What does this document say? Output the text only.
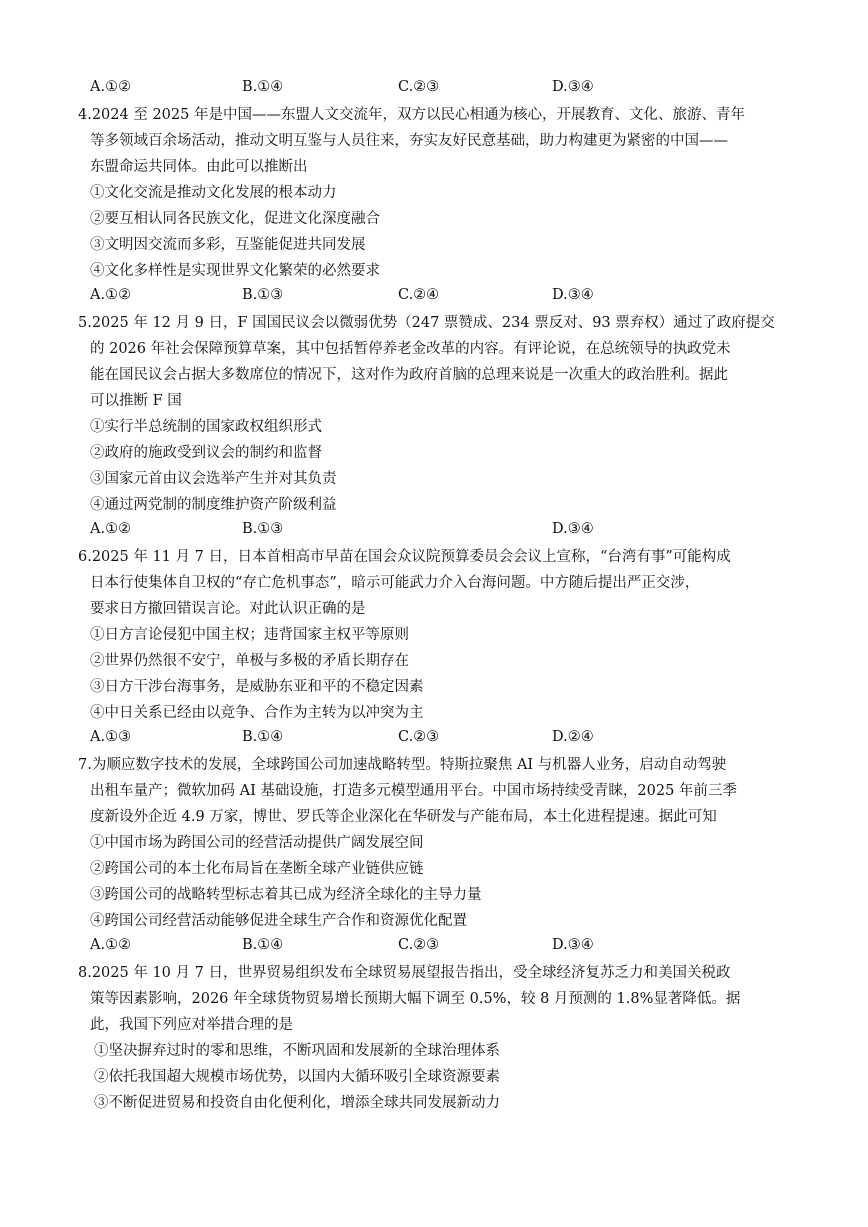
A.①②	B.①④	C.②③	D.③④
4.2024 至 2025 年是中国——东盟人文交流年，双方以民心相通为核心，开展教育、文化、旅游、青年
等多领域百余场活动，推动文明互鉴与人员往来，夯实友好民意基础，助力构建更为紧密的中国——
东盟命运共同体。由此可以推断出
①文化交流是推动文化发展的根本动力
②要互相认同各民族文化，促进文化深度融合
③文明因交流而多彩，互鉴能促进共同发展
④文化多样性是实现世界文化繁荣的必然要求
A.①②	B.①③	C.②④	D.③④
5.2025 年 12 月 9 日，F 国国民议会以微弱优势（247 票赞成、234 票反对、93 票弃权）通过了政府提交
的 2026 年社会保障预算草案，其中包括暂停养老金改革的内容。有评论说，在总统领导的执政党未
能在国民议会占据大多数席位的情况下，这对作为政府首脑的总理来说是一次重大的政治胜利。据此
可以推断 F 国
①实行半总统制的国家政权组织形式
②政府的施政受到议会的制约和监督
③国家元首由议会选举产生并对其负责
④通过两党制的制度维护资产阶级利益
A.①②	B.①③	D.③④
6.2025 年 11 月 7 日，日本首相高市早苗在国会众议院预算委员会会议上宣称，“台湾有事”可能构成
日本行使集体自卫权的“存亡危机事态”，暗示可能武力介入台海问题。中方随后提出严正交涉，
要求日方撤回错误言论。对此认识正确的是
①日方言论侵犯中国主权；违背国家主权平等原则
②世界仍然很不安宁，单极与多极的矛盾长期存在
③日方干涉台海事务，是威胁东亚和平的不稳定因素
④中日关系已经由以竞争、合作为主转为以冲突为主
A.①③	B.①④	C.②③	D.②④
7.为顺应数字技术的发展，全球跨国公司加速战略转型。特斯拉聚焦 AI 与机器人业务，启动自动驾驶
出租车量产；微软加码 AI 基础设施，打造多元模型通用平台。中国市场持续受青睐，2025 年前三季
度新设外企近 4.9 万家，博世、罗氏等企业深化在华研发与产能布局，本土化进程提速。据此可知
①中国市场为跨国公司的经营活动提供广阔发展空间
②跨国公司的本土化布局旨在垄断全球产业链供应链
③跨国公司的战略转型标志着其已成为经济全球化的主导力量
④跨国公司经营活动能够促进全球生产合作和资源优化配置
A.①②	B.①④	C.②③	D.③④
8.2025 年 10 月 7 日，世界贸易组织发布全球贸易展望报告指出，受全球经济复苏乏力和美国关税政
策等因素影响，2026 年全球货物贸易增长预期大幅下调至 0.5%，较 8 月预测的 1.8%显著降低。据
此，我国下列应对举措合理的是
①坚决摒弃过时的零和思维，不断巩固和发展新的全球治理体系
②依托我国超大规模市场优势，以国内大循环吸引全球资源要素
③不断促进贸易和投资自由化便利化，增添全球共同发展新动力
